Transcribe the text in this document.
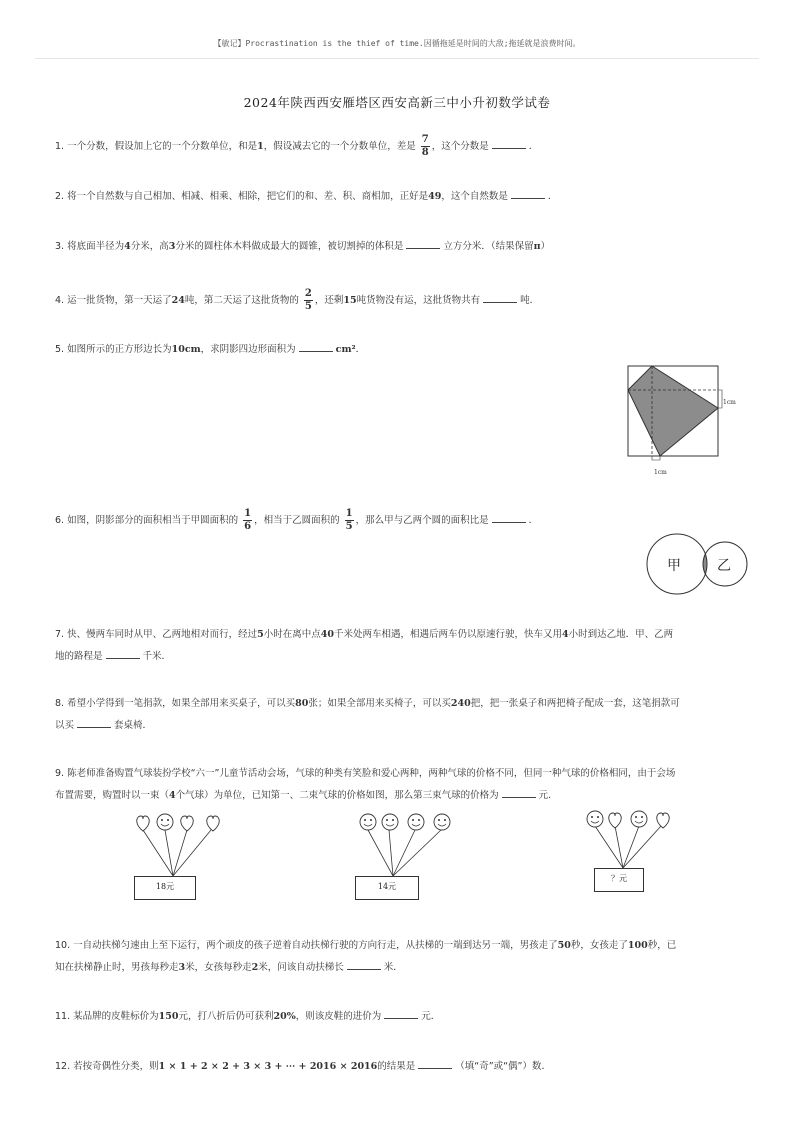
【敏记】Procrastination is the thief of time.因循拖延是时间的大敌;拖延就是浪费时间。
2024年陕西西安雁塔区西安高新三中小升初数学试卷
1. 一个分数，假设加上它的一个分数单位，和是1，假设减去它的一个分数单位，差是 $\frac{7}{8}$ ，这个分数是	．
2. 将一个自然数与自己相加、相减、相乘、相除，把它们的和、差、积、商相加，正好是49，这个自然数是	．
3. 将底面半径为4分米，高3分米的圆柱体木料做成最大的圆锥，被切割掉的体积是	立方分米．（结果保留π）
4. 运一批货物，第一天运了24吨，第二天运了这批货物的 $\frac{2}{5}$ ，还剩15吨货物没有运，这批货物共有	吨．
5. 如图所示的正方形边长为10cm，求阴影四边形面积为	cm²．
1cm
1cm
6. 如图，阴影部分的面积相当于甲圆面积的 $\frac{1}{6}$ ，相当于乙圆面积的 $\frac{1}{5}$ ，那么甲与乙两个圆的面积比是	．
甲	乙
7. 快、慢两车同时从甲、乙两地相对而行，经过5小时在离中点40千米处两车相遇，相遇后两车仍以原速行驶，快车又用4小时到达乙地．甲、乙两
地的路程是	千米．
8. 希望小学得到一笔捐款，如果全部用来买桌子，可以买80张；如果全部用来买椅子，可以买240把，把一张桌子和两把椅子配成一套，这笔捐款可
以买	套桌椅．
9. 陈老师准备购置气球装扮学校“六一”儿童节活动会场，气球的种类有笑脸和爱心两种，两种气球的价格不同，但同一种气球的价格相同，由于会场
布置需要，购置时以一束（4个气球）为单位，已知第一、二束气球的价格如图，那么第三束气球的价格为	元.
18元	14元
？元
10. 一自动扶梯匀速由上至下运行，两个顽皮的孩子逆着自动扶梯行驶的方向行走，从扶梯的一端到达另一端，男孩走了50秒，女孩走了100秒，已
知在扶梯静止时，男孩每秒走3米，女孩每秒走2米，问该自动扶梯长	米．
11. 某品牌的皮鞋标价为150元，打八折后仍可获利20%，则该皮鞋的进价为	元．
12. 若按奇偶性分类，则1 × 1 + 2 × 2 + 3 × 3 + ⋯ + 2016 × 2016的结果是	（填“奇”或“偶”）数．
